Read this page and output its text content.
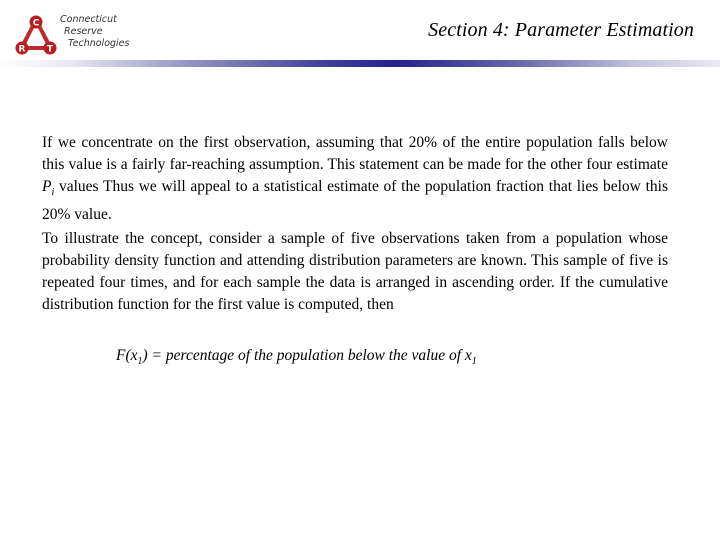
C
R T
Connecticut
Reserve
Technologies
Section 4: Parameter Estimation

If we concentrate on the first observation, assuming that 20% of the entire population falls below this value is a fairly far-reaching assumption. This statement can be made for the other four estimate $P_i$ values Thus we will appeal to a statistical estimate of the population fraction that lies below this 20% value.

To illustrate the concept, consider a sample of five observations taken from a population whose probability density function and attending distribution parameters are known. This sample of five is repeated four times, and for each sample the data is arranged in ascending order. If the cumulative distribution function for the first value is computed, then

$F(x_1)$ = percentage of the population below the value of $x_1$
